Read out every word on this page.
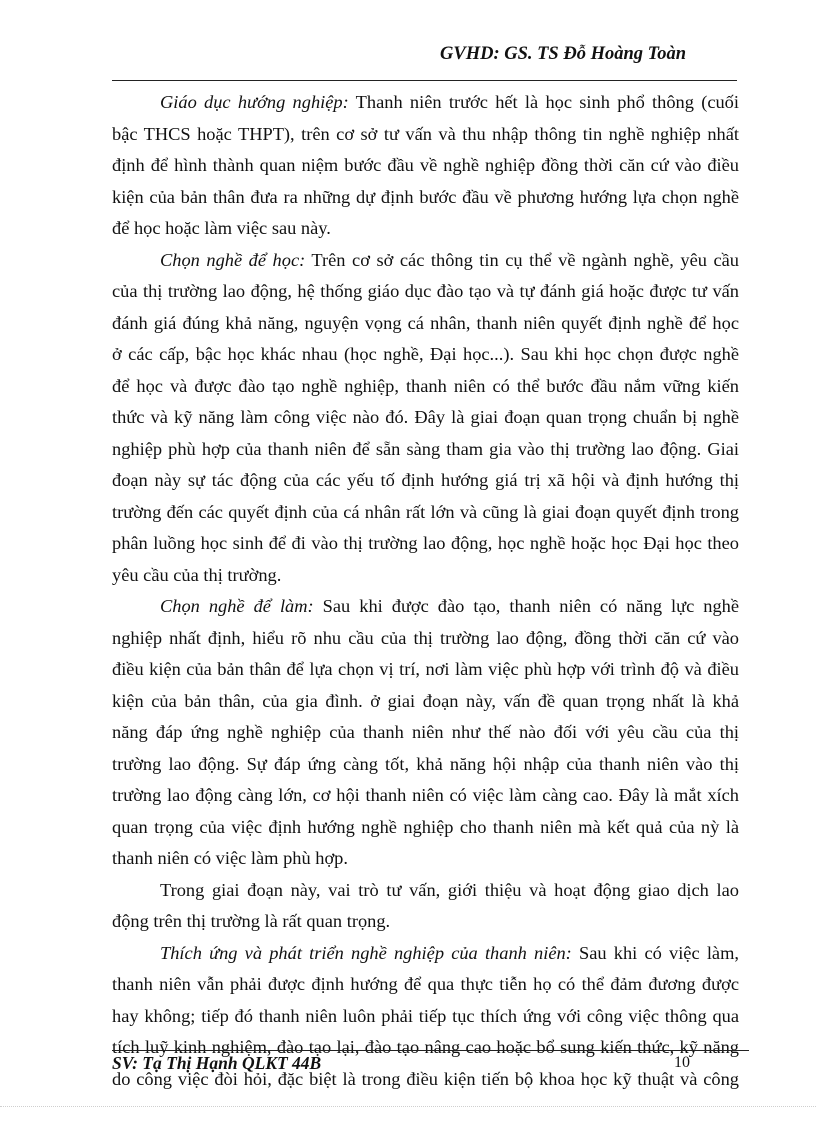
GVHD: GS. TS Đỗ Hoàng Toàn
Giáo dục hướng nghiệp: Thanh niên trước hết là học sinh phổ thông (cuối
bậc THCS hoặc THPT), trên cơ sở tư vấn và thu nhập thông tin nghề nghiệp nhất
định để hình thành quan niệm bước đầu về nghề nghiệp đồng thời căn cứ vào điều
kiện của bản thân đưa ra những dự định bước đầu về phương hướng lựa chọn nghề
để học hoặc làm việc sau này.
Chọn nghề để học: Trên cơ sở các thông tin cụ thể về ngành nghề, yêu cầu
của thị trường lao động, hệ thống giáo dục đào tạo và tự đánh giá hoặc được tư vấn
đánh giá đúng khả năng, nguyện vọng cá nhân, thanh niên quyết định nghề để học
ở các cấp, bậc học khác nhau (học nghề, Đại học...). Sau khi học chọn được nghề
để học và được đào tạo nghề nghiệp, thanh niên có thể bước đầu nắm vững kiến
thức và kỹ năng làm công việc nào đó. Đây là giai đoạn quan trọng chuẩn bị nghề
nghiệp phù hợp của thanh niên để sẵn sàng tham gia vào thị trường lao động. Giai
đoạn này sự tác động của các yếu tố định hướng giá trị xã hội và định hướng thị
trường đến các quyết định của cá nhân rất lớn và cũng là giai đoạn quyết định trong
phân luồng học sinh để đi vào thị trường lao động, học nghề hoặc học Đại học theo
yêu cầu của thị trường.
Chọn nghề để làm: Sau khi được đào tạo, thanh niên có năng lực nghề
nghiệp nhất định, hiểu rõ nhu cầu của thị trường lao động, đồng thời căn cứ vào
điều kiện của bản thân để lựa chọn vị trí, nơi làm việc phù hợp với trình độ và điều
kiện của bản thân, của gia đình. ở giai đoạn này, vấn đề quan trọng nhất là khả
năng đáp ứng nghề nghiệp của thanh niên như thế nào đối với yêu cầu của thị
trường lao động. Sự đáp ứng càng tốt, khả năng hội nhập của thanh niên vào thị
trường lao động càng lớn, cơ hội thanh niên có việc làm càng cao. Đây là mắt xích
quan trọng của việc định hướng nghề nghiệp cho thanh niên mà kết quả của nỳ là
thanh niên có việc làm phù hợp.
Trong giai đoạn này, vai trò tư vấn, giới thiệu và hoạt động giao dịch lao
động trên thị trường là rất quan trọng.
Thích ứng và phát triển nghề nghiệp của thanh niên: Sau khi có việc làm,
thanh niên vẫn phải được định hướng để qua thực tiễn họ có thể đảm đương được
hay không; tiếp đó thanh niên luôn phải tiếp tục thích ứng với công việc thông qua
tích luỹ kinh nghiệm, đào tạo lại, đào tạo nâng cao hoặc bổ sung kiến thức, kỹ năng
do công việc đòi hỏi, đặc biệt là trong điều kiện tiến bộ khoa học kỹ thuật và công
SV: Tạ Thị Hạnh QLKT 44B	10
